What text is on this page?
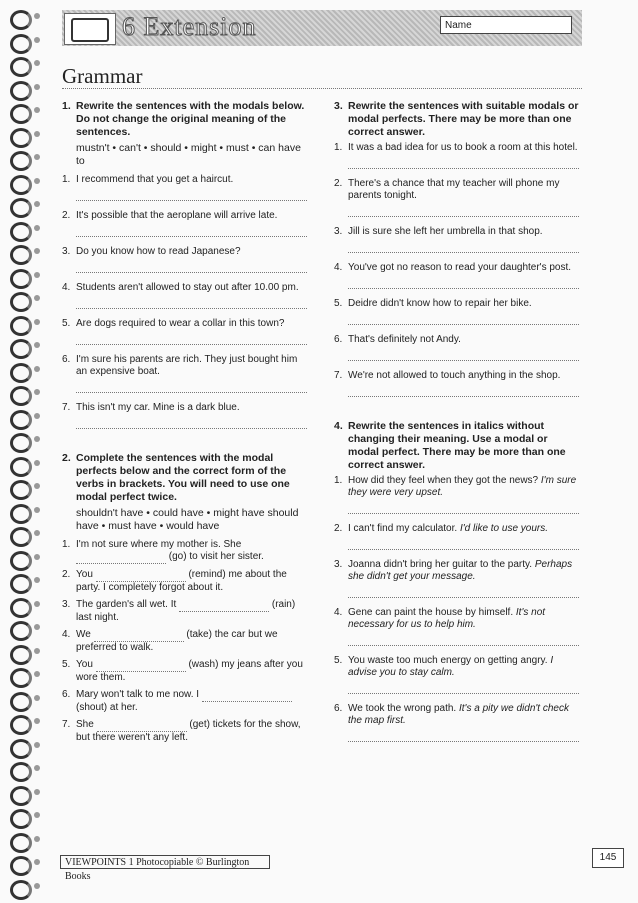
6 Extension	Name
Grammar
1. Rewrite the sentences with the modals below. Do not change the original meaning of the sentences.
mustn't • can't • should • might • must • can have to
1. I recommend that you get a haircut.
2. It's possible that the aeroplane will arrive late.
3. Do you know how to read Japanese?
4. Students aren't allowed to stay out after 10.00 pm.
5. Are dogs required to wear a collar in this town?
6. I'm sure his parents are rich. They just bought him an expensive boat.
7. This isn't my car. Mine is a dark blue.
2. Complete the sentences with the modal perfects below and the correct form of the verbs in brackets. You will need to use one modal perfect twice.
shouldn't have • could have • might have should have • must have • would have
1. I'm not sure where my mother is. She   (go) to visit her sister.
2. You	(remind) me about the party. I completely forgot about it.
3. The garden's all wet. It	(rain) last night.
4. We	(take) the car but we preferred to walk.
5. You	(wash) my jeans after you wore them.
6. Mary won't talk to me now. I   (shout) at her.
7. She	(get) tickets for the show, but there weren't any left.
3. Rewrite the sentences with suitable modals or modal perfects. There may be more than one correct answer.
1. It was a bad idea for us to book a room at this hotel.
2. There's a chance that my teacher will phone my parents tonight.
3. Jill is sure she left her umbrella in that shop.
4. You've got no reason to read your daughter's post.
5. Deidre didn't know how to repair her bike.
6. That's definitely not Andy.
7. We're not allowed to touch anything in the shop.
4. Rewrite the sentences in italics without changing their meaning. Use a modal or modal perfect. There may be more than one correct answer.
1. How did they feel when they got the news? I'm sure they were very upset.
2. I can't find my calculator. I'd like to use yours.
3. Joanna didn't bring her guitar to the party. Perhaps she didn't get your message.
4. Gene can paint the house by himself. It's not necessary for us to help him.
5. You waste too much energy on getting angry. I advise you to stay calm.
6. We took the wrong path. It's a pity we didn't check the map first.
VIEWPOINTS 1 Photocopiable © Burlington Books
145
